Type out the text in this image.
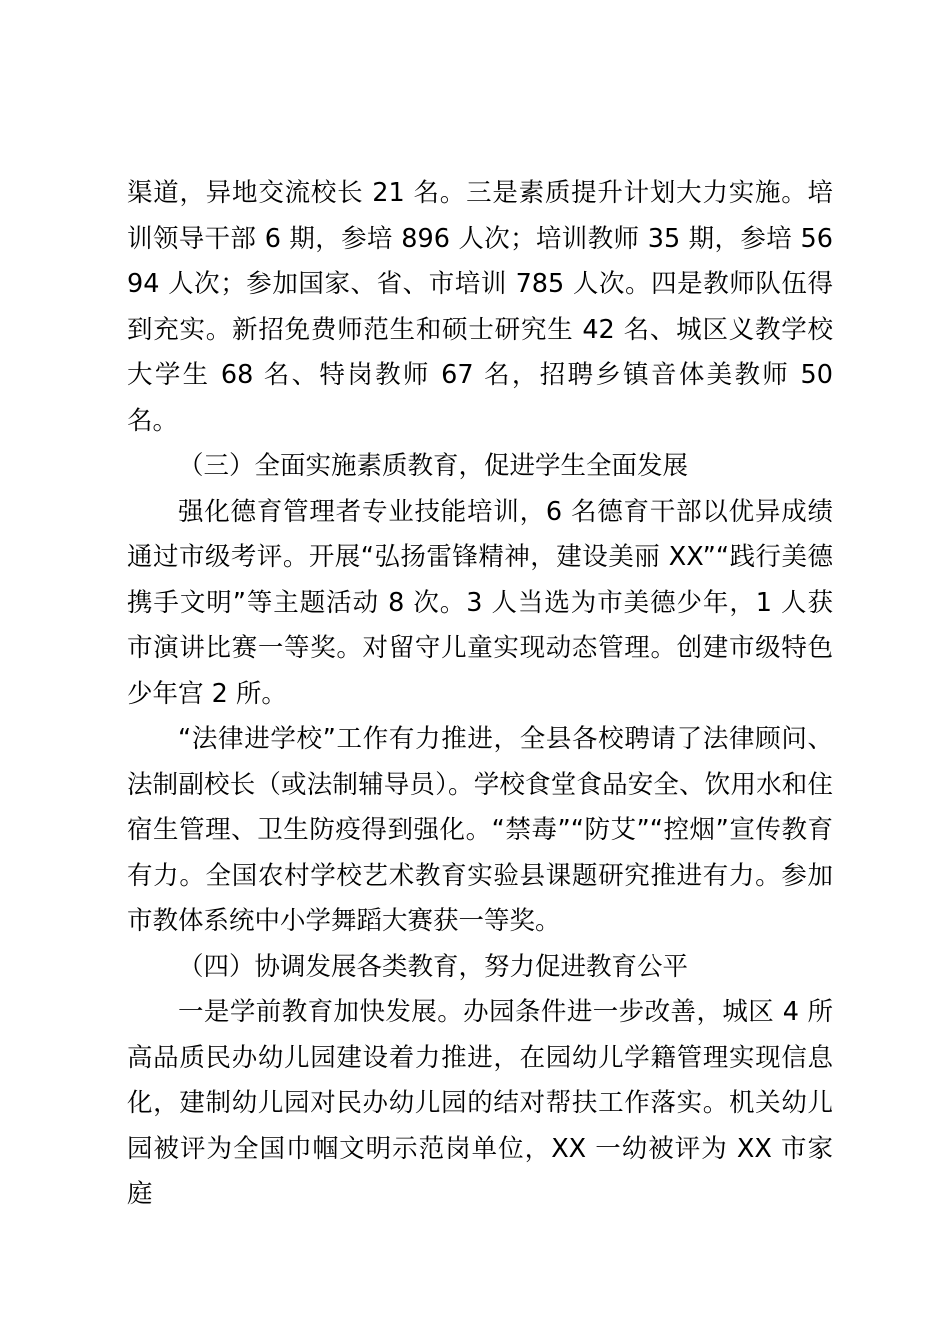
渠道，异地交流校长 21 名。三是素质提升计划大力实施。培训领导干部 6 期，参培 896 人次；培训教师 35 期，参培 5694 人次；参加国家、省、市培训 785 人次。四是教师队伍得到充实。新招免费师范生和硕士研究生 42 名、城区义教学校大学生 68 名、特岗教师 67 名，招聘乡镇音体美教师 50 名。

（三）全面实施素质教育，促进学生全面发展

强化德育管理者专业技能培训，6 名德育干部以优异成绩通过市级考评。开展“弘扬雷锋精神，建设美丽 XX”“践行美德携手文明”等主题活动 8 次。3 人当选为市美德少年，1 人获市演讲比赛一等奖。对留守儿童实现动态管理。创建市级特色少年宫 2 所。

“法律进学校”工作有力推进，全县各校聘请了法律顾问、法制副校长（或法制辅导员）。学校食堂食品安全、饮用水和住宿生管理、卫生防疫得到强化。“禁毒”“防艾”“控烟”宣传教育有力。全国农村学校艺术教育实验县课题研究推进有力。参加市教体系统中小学舞蹈大赛获一等奖。

（四）协调发展各类教育，努力促进教育公平

一是学前教育加快发展。办园条件进一步改善，城区 4 所高品质民办幼儿园建设着力推进，在园幼儿学籍管理实现信息化，建制幼儿园对民办幼儿园的结对帮扶工作落实。机关幼儿园被评为全国巾帼文明示范岗单位，XX 一幼被评为 XX 市家庭
